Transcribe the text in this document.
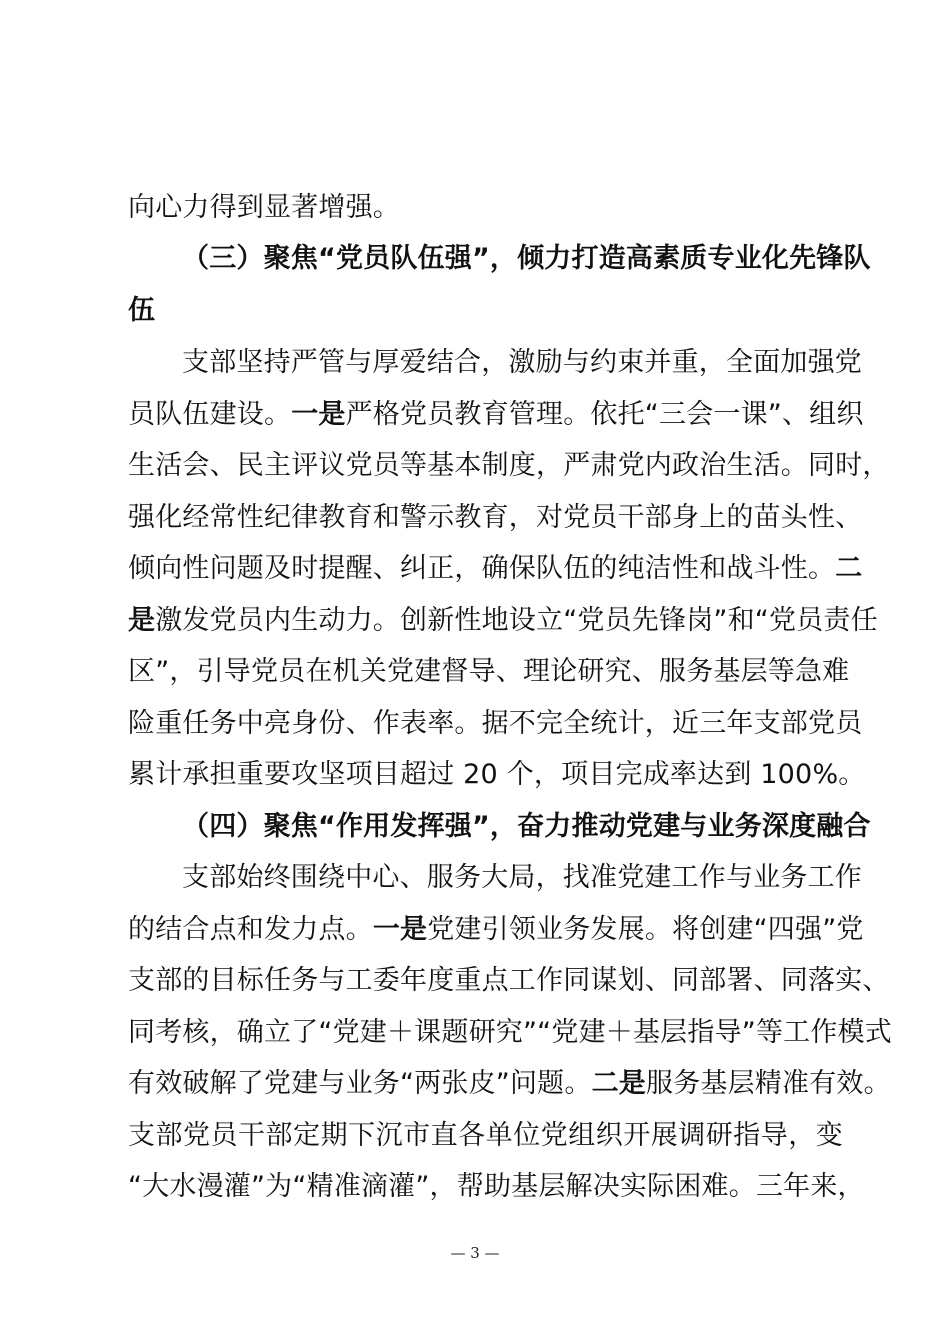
向心力得到显著增强。
（三）聚焦“党员队伍强”，倾力打造高素质专业化先锋队
伍
支部坚持严管与厚爱结合，激励与约束并重，全面加强党
员队伍建设。一是严格党员教育管理。依托“三会一课”、组织
生活会、民主评议党员等基本制度，严肃党内政治生活。同时，
强化经常性纪律教育和警示教育，对党员干部身上的苗头性、
倾向性问题及时提醒、纠正，确保队伍的纯洁性和战斗性。二
是激发党员内生动力。创新性地设立“党员先锋岗”和“党员责任
区”，引导党员在机关党建督导、理论研究、服务基层等急难
险重任务中亮身份、作表率。据不完全统计，近三年支部党员
累计承担重要攻坚项目超过 20 个，项目完成率达到 100%。
（四）聚焦“作用发挥强”，奋力推动党建与业务深度融合
支部始终围绕中心、服务大局，找准党建工作与业务工作
的结合点和发力点。一是党建引领业务发展。将创建“四强”党
支部的目标任务与工委年度重点工作同谋划、同部署、同落实、
同考核，确立了“党建＋课题研究”“党建＋基层指导”等工作模式
有效破解了党建与业务“两张皮”问题。二是服务基层精准有效。
支部党员干部定期下沉市直各单位党组织开展调研指导，变
“大水漫灌”为“精准滴灌”，帮助基层解决实际困难。三年来，
— 3 —
